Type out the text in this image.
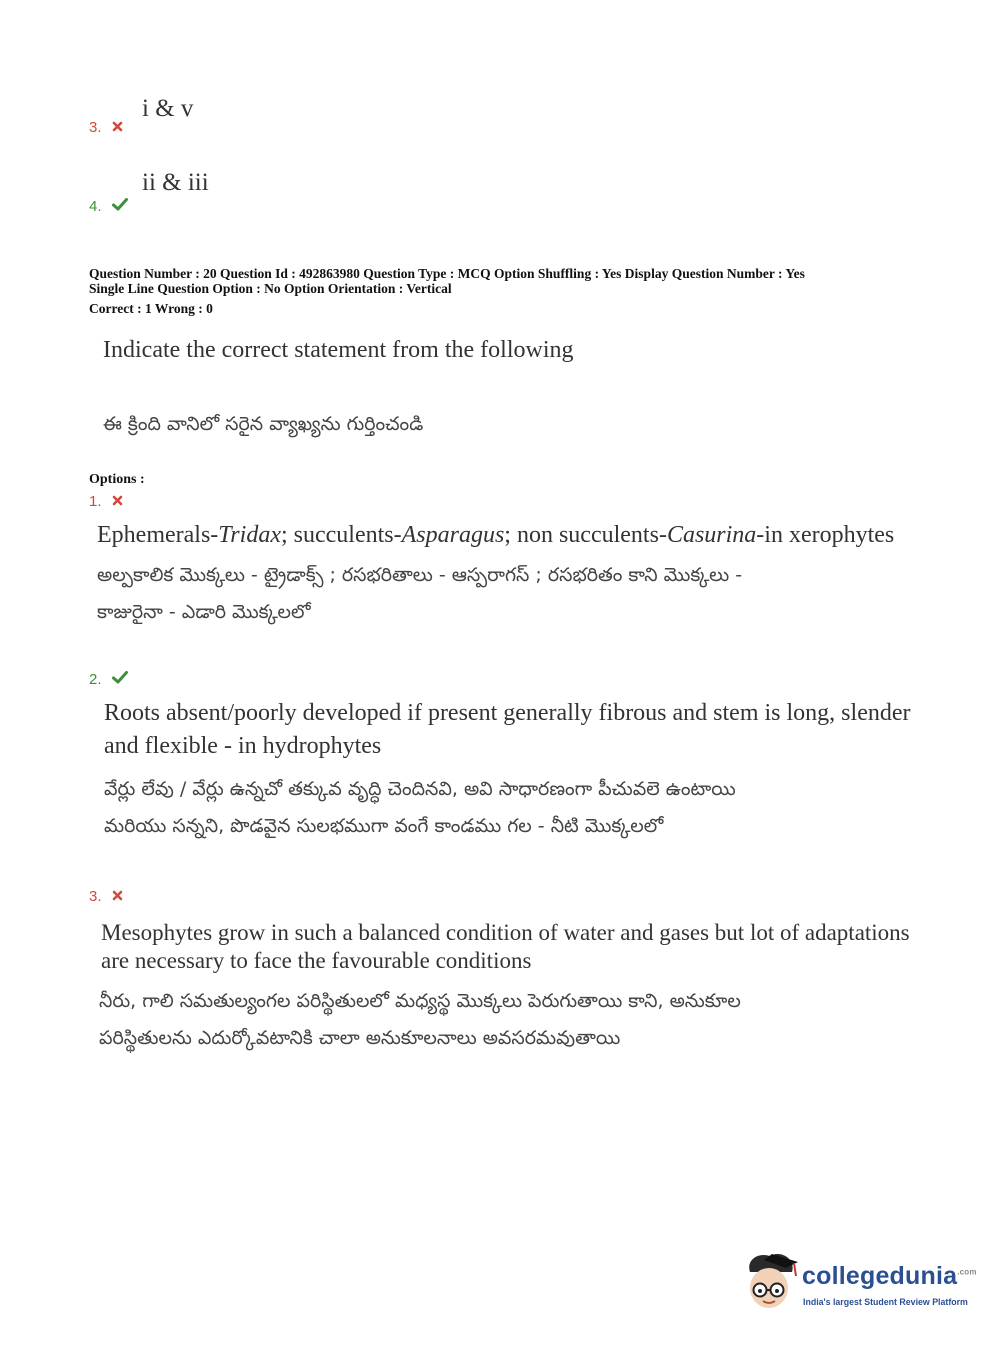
i & v
3.
ii & iii
4.
Question Number : 20 Question Id : 492863980 Question Type : MCQ Option Shuffling : Yes Display Question Number : Yes
Single Line Question Option : No Option Orientation : Vertical
Correct : 1 Wrong : 0
Indicate the correct statement from the following
ఈ క్రింది వానిలో సరైన వ్యాఖ్యను గుర్తించండి
Options :
1.
Ephemerals-Tridax; succulents-Asparagus; non succulents-Casurina-in xerophytes
అల్పకాలిక మొక్కలు - ట్రైడాక్స్ ; రసభరితాలు - ఆస్పరాగస్ ; రసభరితం కాని మొక్కలు -
కాజురైనా - ఎడారి మొక్కలలో
2.
Roots absent/poorly developed if present generally fibrous and stem is long, slender
and flexible - in hydrophytes
వేర్లు లేవు / వేర్లు ఉన్నచో తక్కువ వృద్ధి చెందినవి, అవి సాధారణంగా పీచువలె ఉంటాయి
మరియు సన్నని, పొడవైన సులభముగా వంగే కాండము గల - నీటి మొక్కలలో
3.
Mesophytes grow in such a balanced condition of water and gases but lot of adaptations
are necessary to face the favourable conditions
నీరు, గాలి సమతుల్యంగల పరిస్థితులలో మధ్యస్థ మొక్కలు పెరుగుతాయి కాని, అనుకూల
పరిస్థితులను ఎదుర్కోవటానికి చాలా అనుకూలనాలు అవసరమవుతాయి
collegedunia$^{.com}$
India's largest Student Review Platform
